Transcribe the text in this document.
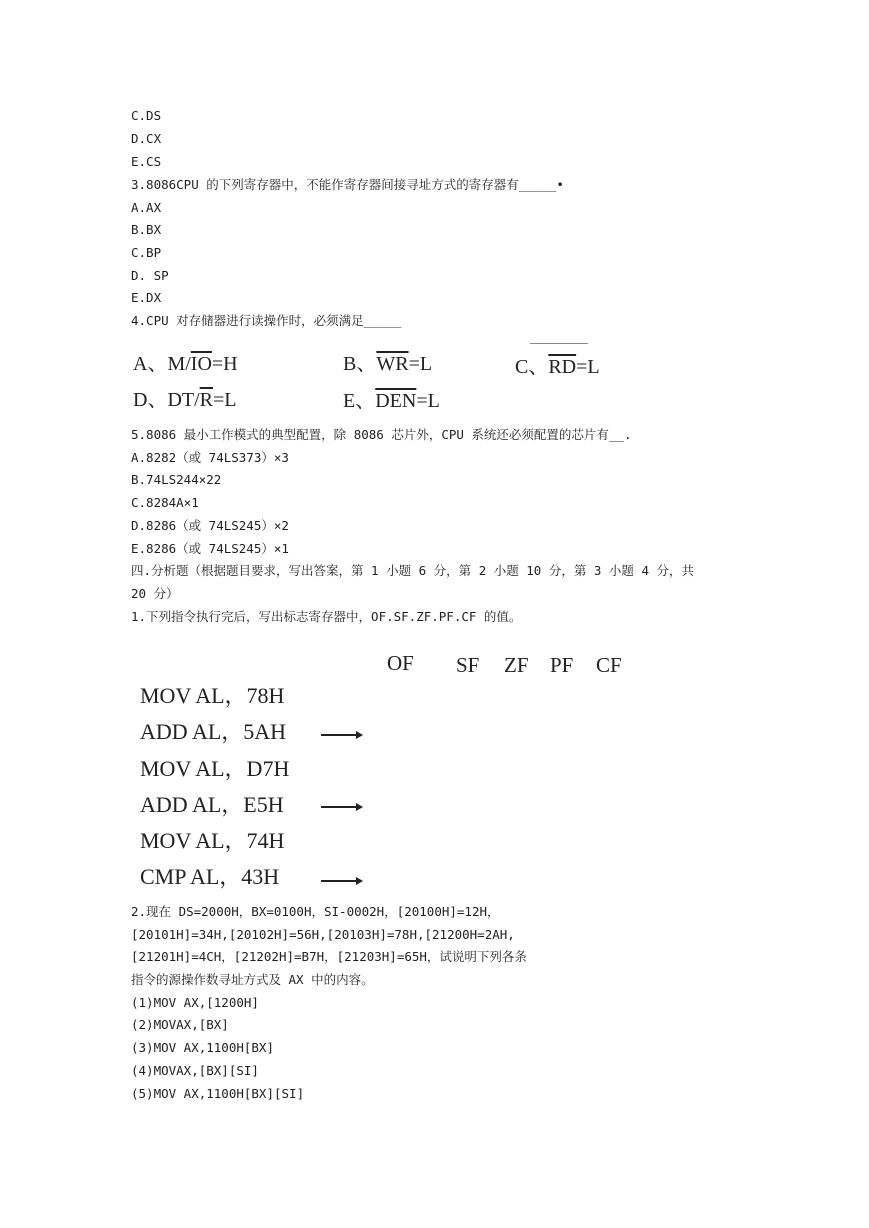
C.DS
D.CX
E.CS
3.8086CPU 的下列寄存器中，不能作寄存器间接寻址方式的寄存器有_____•
A.AX
B.BX
C.BP
D. SP
E.DX
4.CPU 对存储器进行读操作时，必须满足_____
A、$M/\overline{IO}=H$	B、$\overline{WR}=L$	C、$\overline{RD}=L$
D、$DT/\overline{R}=L$	E、$\overline{DEN}=L$
5.8086 最小工作模式的典型配置，除 8086 芯片外，CPU 系统还必须配置的芯片有__.
A.8282（或 74LS373）×3
B.74LS244×22
C.8284A×1
D.8286（或 74LS245）×2
E.8286（或 74LS245）×1
四.分析题（根据题目要求，写出答案，第 1 小题 6 分，第 2 小题 10 分，第 3 小题 4 分，共
20 分）
1.下列指令执行完后，写出标志寄存器中，OF.SF.ZF.PF.CF 的值。
OF SF ZF PF CF
MOV AL，78H
ADD AL，5AH
MOV AL，D7H
ADD AL，E5H
MOV AL，74H
CMP AL，43H
2.现在 DS=2000H，BX=0100H，SI-0002H，[20100H]=12H，
[20101H]=34H,[20102H]=56H,[20103H]=78H,[21200H=2AH,
[21201H]=4CH，[21202H]=B7H，[21203H]=65H，试说明下列各条
指令的源操作数寻址方式及 AX 中的内容。
(1)MOV AX,[1200H]
(2)MOVAX,[BX]
(3)MOV AX,1100H[BX]
(4)MOVAX,[BX][SI]
(5)MOV AX,1100H[BX][SI]
